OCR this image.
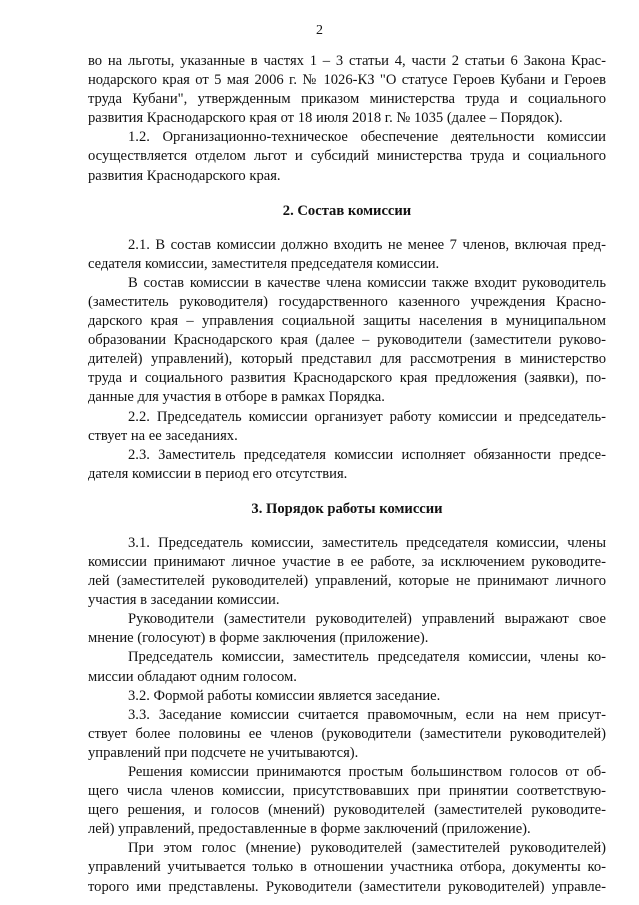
2
во на льготы, указанные в частях 1 – 3 статьи 4, части 2 статьи 6 Закона Крас-
нодарского края от 5 мая 2006 г. № 1026-КЗ "О статусе Героев Кубани и Героев
труда Кубани", утвержденным приказом министерства труда и социального
развития Краснодарского края от 18 июля 2018 г. № 1035 (далее – Порядок).
1.2. Организационно-техническое обеспечение деятельности комиссии
осуществляется отделом льгот и субсидий министерства труда и социального
развития Краснодарского края.
2. Состав комиссии
2.1. В состав комиссии должно входить не менее 7 членов, включая пред-
седателя комиссии, заместителя председателя комиссии.
В состав комиссии в качестве члена комиссии также входит руководитель
(заместитель руководителя) государственного казенного учреждения Красно-
дарского края – управления социальной защиты населения в муниципальном
образовании Краснодарского края (далее – руководители (заместители руково-
дителей) управлений), который представил для рассмотрения в министерство
труда и социального развития Краснодарского края предложения (заявки), по-
данные для участия в отборе в рамках Порядка.
2.2. Председатель комиссии организует работу комиссии и председатель-
ствует на ее заседаниях.
2.3. Заместитель председателя комиссии исполняет обязанности предсе-
дателя комиссии в период его отсутствия.
3. Порядок работы комиссии
3.1. Председатель комиссии, заместитель председателя комиссии, члены
комиссии принимают личное участие в ее работе, за исключением руководите-
лей (заместителей руководителей) управлений, которые не принимают личного
участия в заседании комиссии.
Руководители (заместители руководителей) управлений выражают свое
мнение (голосуют) в форме заключения (приложение).
Председатель комиссии, заместитель председателя комиссии, члены ко-
миссии обладают одним голосом.
3.2. Формой работы комиссии является заседание.
3.3. Заседание комиссии считается правомочным, если на нем присут-
ствует более половины ее членов (руководители (заместители руководителей)
управлений при подсчете не учитываются).
Решения комиссии принимаются простым большинством голосов от об-
щего числа членов комиссии, присутствовавших при принятии соответствую-
щего решения, и голосов (мнений) руководителей (заместителей руководите-
лей) управлений, предоставленные в форме заключений (приложение).
При этом голос (мнение) руководителей (заместителей руководителей)
управлений учитывается только в отношении участника отбора, документы ко-
торого ими представлены. Руководители (заместители руководителей) управле-
